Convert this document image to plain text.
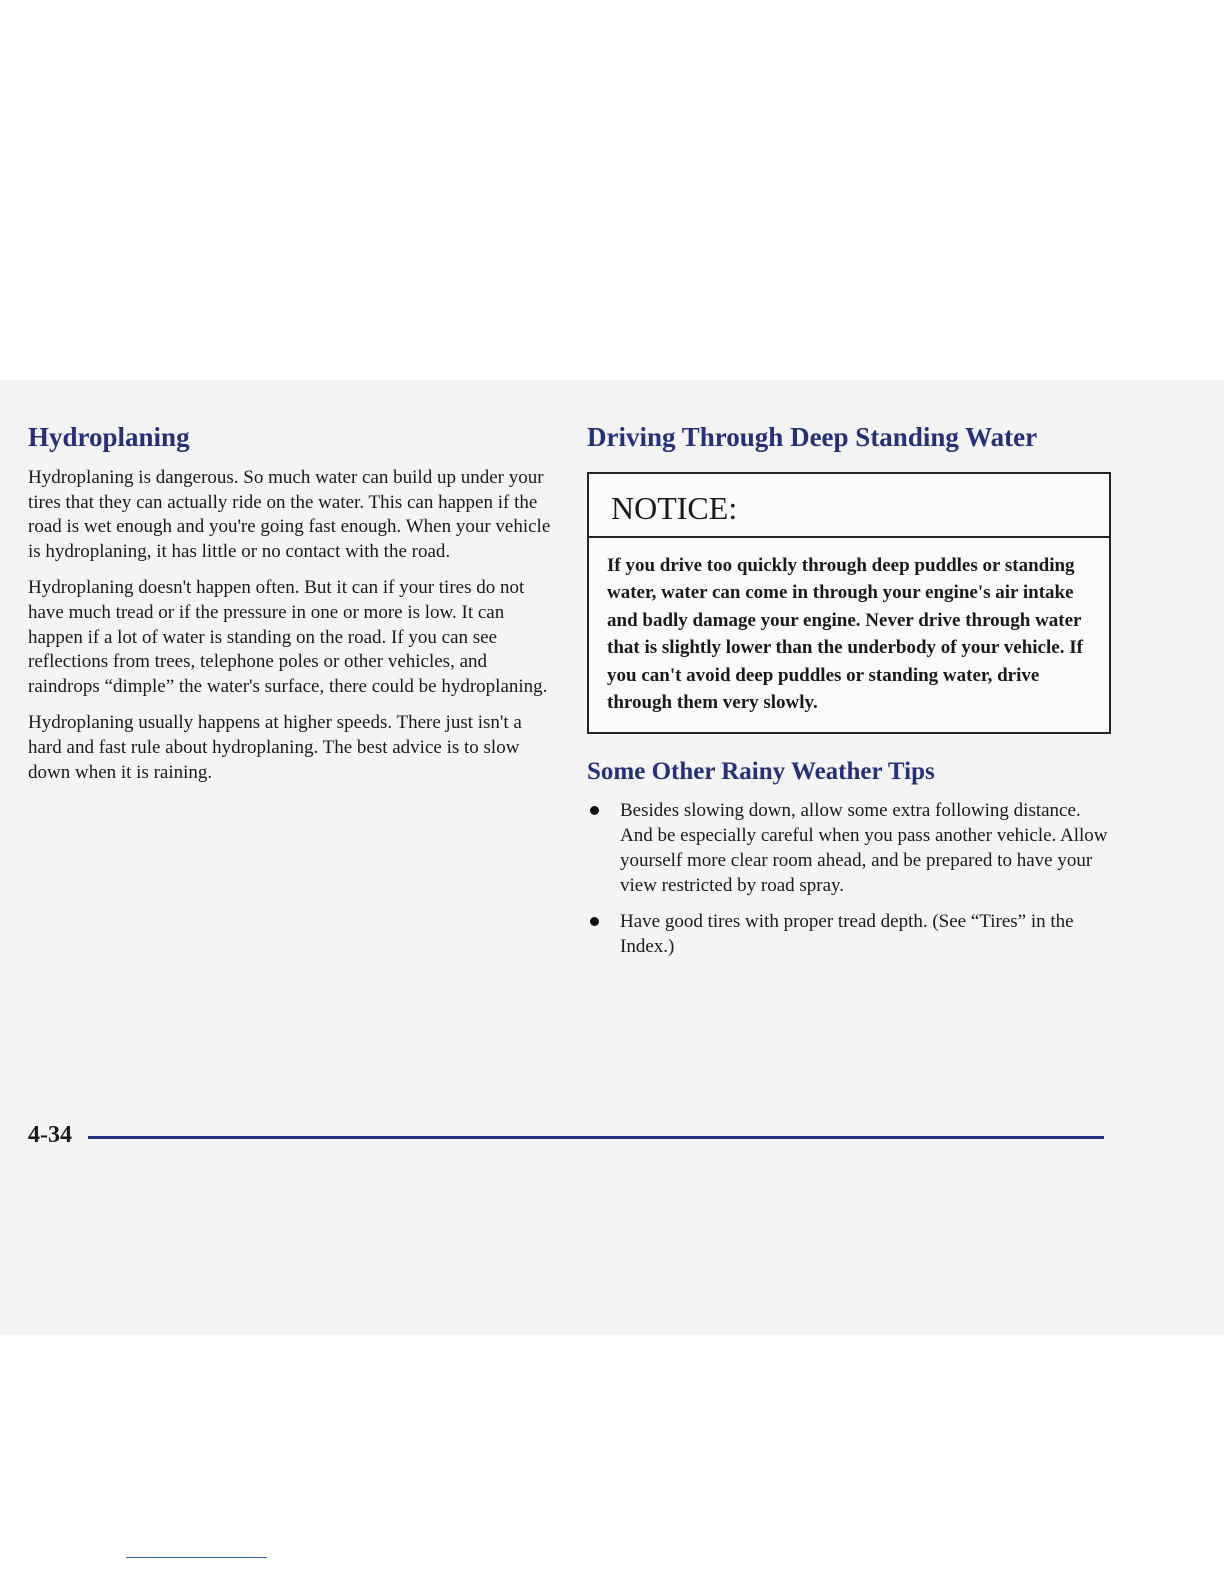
Hydroplaning

Hydroplaning is dangerous. So much water can build up under your tires that they can actually ride on the water. This can happen if the road is wet enough and you're going fast enough. When your vehicle is hydroplaning, it has little or no contact with the road.

Hydroplaning doesn't happen often. But it can if your tires do not have much tread or if the pressure in one or more is low. It can happen if a lot of water is standing on the road. If you can see reflections from trees, telephone poles or other vehicles, and raindrops “dimple” the water's surface, there could be hydroplaning.

Hydroplaning usually happens at higher speeds. There just isn't a hard and fast rule about hydroplaning. The best advice is to slow down when it is raining.

Driving Through Deep Standing Water
NOTICE:
If you drive too quickly through deep puddles or standing water, water can come in through your engine's air intake and badly damage your engine. Never drive through water that is slightly lower than the underbody of your vehicle. If you can't avoid deep puddles or standing water, drive through them very slowly.
Some Other Rainy Weather Tips
Besides slowing down, allow some extra following distance. And be especially careful when you pass another vehicle. Allow yourself more clear room ahead, and be prepared to have your view restricted by road spray.
Have good tires with proper tread depth. (See “Tires” in the Index.)
4-34
